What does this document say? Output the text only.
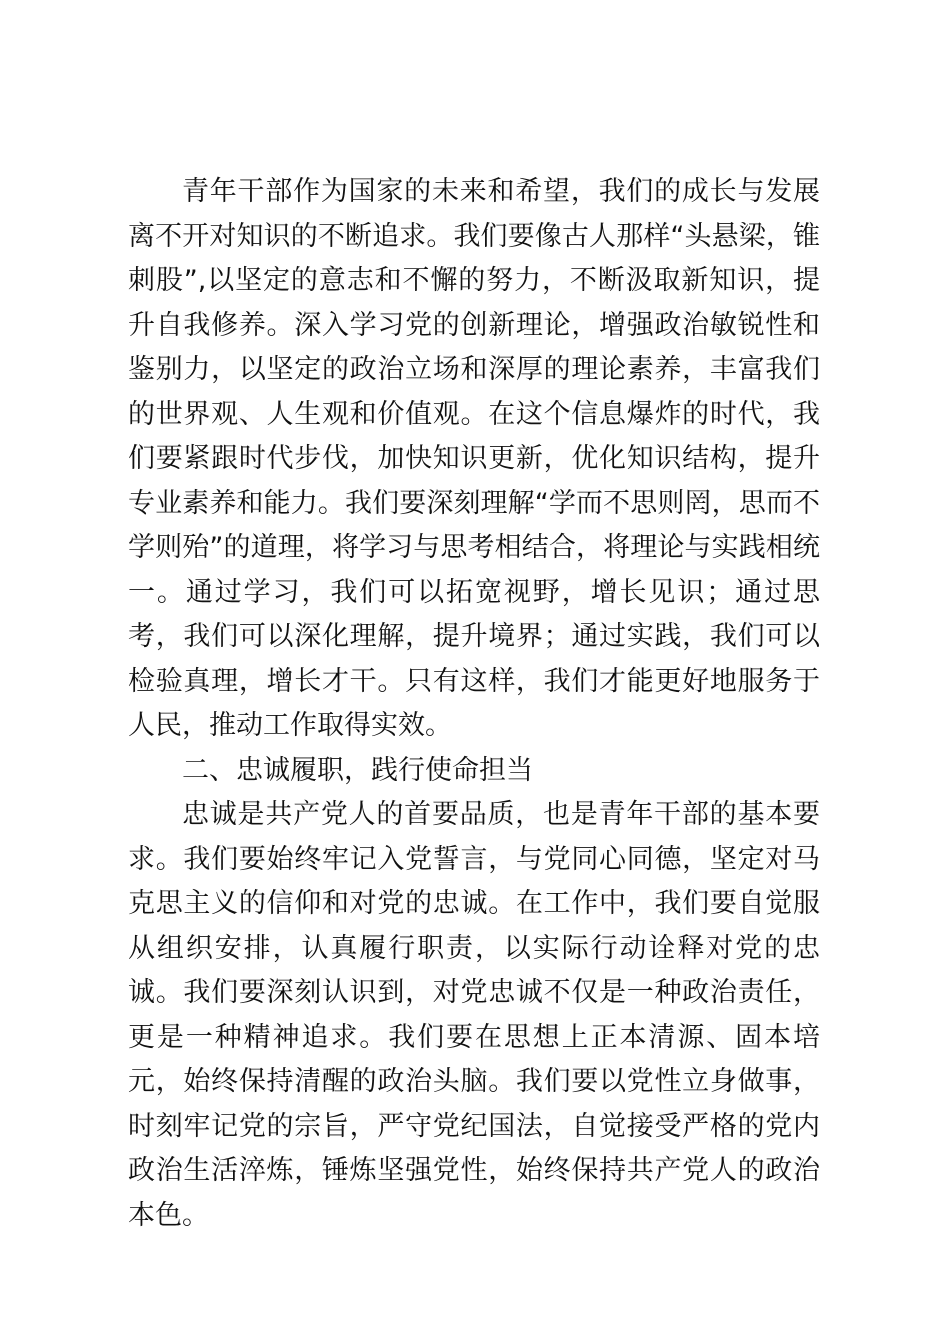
青年干部作为国家的未来和希望，我们的成长与发展离不开对知识的不断追求。我们要像古人那样“头悬梁，锥刺股”,以坚定的意志和不懈的努力，不断汲取新知识，提升自我修养。深入学习党的创新理论，增强政治敏锐性和鉴别力，以坚定的政治立场和深厚的理论素养，丰富我们的世界观、人生观和价值观。在这个信息爆炸的时代，我们要紧跟时代步伐，加快知识更新，优化知识结构，提升专业素养和能力。我们要深刻理解“学而不思则罔，思而不学则殆”的道理，将学习与思考相结合，将理论与实践相统一。通过学习，我们可以拓宽视野，增长见识；通过思考，我们可以深化理解，提升境界；通过实践，我们可以检验真理，增长才干。只有这样，我们才能更好地服务于人民，推动工作取得实效。

二、忠诚履职，践行使命担当

忠诚是共产党人的首要品质，也是青年干部的基本要求。我们要始终牢记入党誓言，与党同心同德，坚定对马克思主义的信仰和对党的忠诚。在工作中，我们要自觉服从组织安排，认真履行职责，以实际行动诠释对党的忠诚。我们要深刻认识到，对党忠诚不仅是一种政治责任，更是一种精神追求。我们要在思想上正本清源、固本培元，始终保持清醒的政治头脑。我们要以党性立身做事，时刻牢记党的宗旨，严守党纪国法，自觉接受严格的党内政治生活淬炼，锤炼坚强党性，始终保持共产党人的政治本色。
